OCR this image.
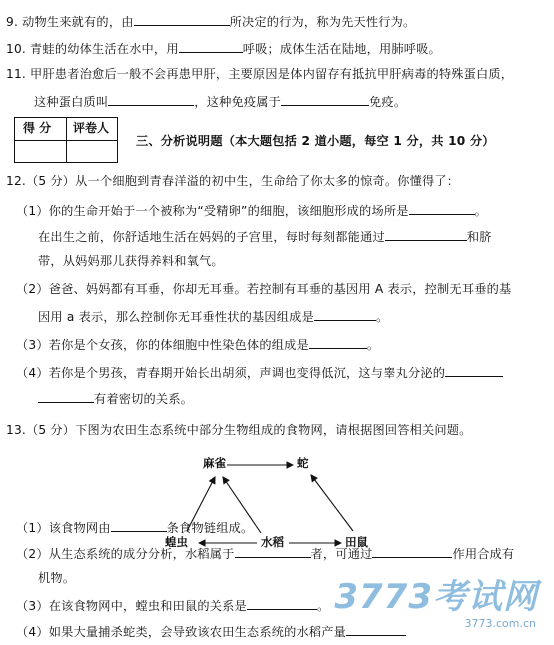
9. 动物生来就有的，由	所决定的行为，称为先天性行为。
10. 青蛙的幼体生活在水中，用	呼吸；成体生活在陆地，用肺呼吸。
11. 甲肝患者治愈后一般不会再患甲肝，主要原因是体内留存有抵抗甲肝病毒的特殊蛋白质，
这种蛋白质叫	，这种免疫属于	免疫。
得 分 评卷人
三、分析说明题（本大题包括 2 道小题，每空 1 分，共 10 分）
12.（5 分）从一个细胞到青春洋溢的初中生，生命给了你太多的惊奇。你懂得了：
（1）你的生命开始于一个被称为“受精卵”的细胞，该细胞形成的场所是	。
在出生之前，你舒适地生活在妈妈的子宫里，每时每刻都能通过	和脐
带，从妈妈那儿获得养料和氧气。
（2）爸爸、妈妈都有耳垂，你却无耳垂。若控制有耳垂的基因用 A 表示，控制无耳垂的基
因用 a 表示，那么控制你无耳垂性状的基因组成是	。
（3）若你是个女孩，你的体细胞中性染色体的组成是	。
（4）若你是个男孩，青春期开始长出胡须，声调也变得低沉，这与睾丸分泌的
有着密切的关系。
13.（5 分）下图为农田生态系统中部分生物组成的食物网，请根据图回答相关问题。
麻雀	蛇
蝗虫	水稻	田鼠
（1）该食物网由	条食物链组成。
（2）从生态系统的成分分析，水稻属于	者，可通过	作用合成有
机物。
（3）在该食物网中，螳虫和田鼠的关系是	。
（4）如果大量捕杀蛇类，会导致该农田生态系统的水稻产量
3773考试网
3773.com.cn
